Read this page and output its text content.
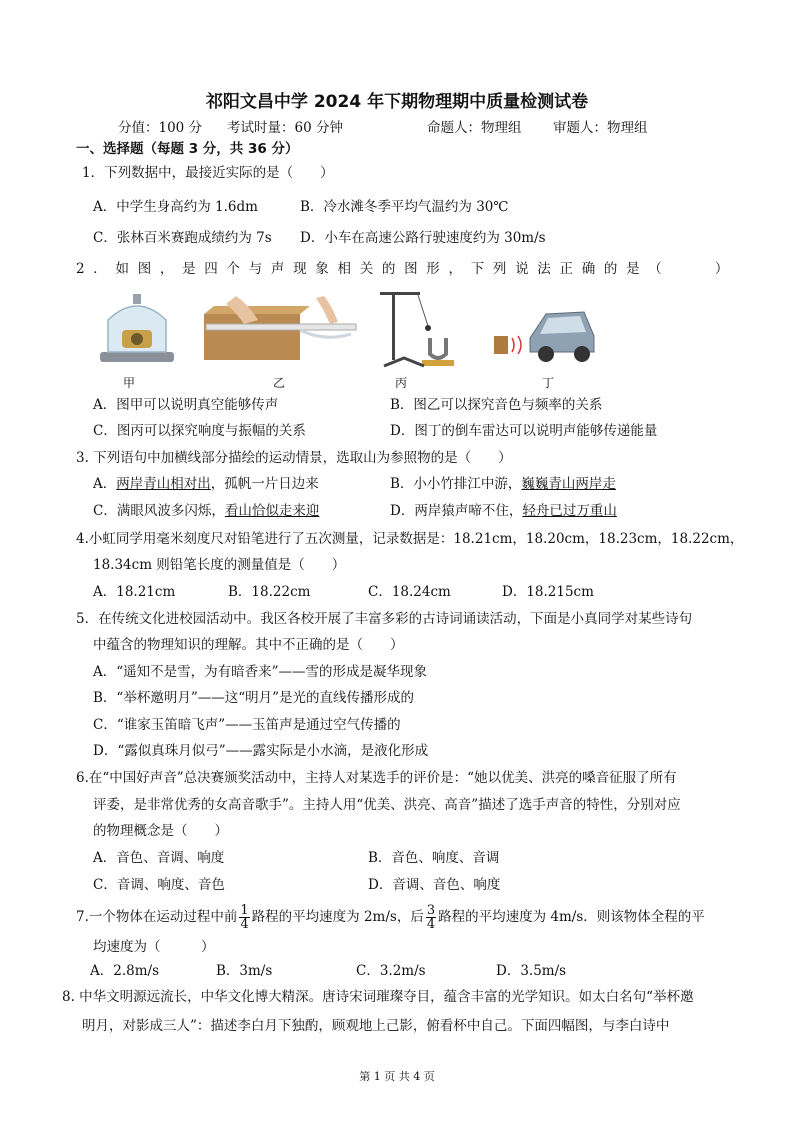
祁阳文昌中学 2024 年下期物理期中质量检测试卷
分值：100 分 考试时量：60 分钟	命题人：物理组 审题人：物理组
一、选择题（每题 3 分，共 36 分）
1．下列数据中，最接近实际的是（　　）
A．中学生身高约为 1.6dm	B．冷水滩冬季平均气温约为 30℃
C．张林百米赛跑成绩约为 7s D．小车在高速公路行驶速度约为 30m/s
2．如图，是四个与声现象相关的图形，下列说法正确的是（　　）
甲	乙	丙	丁
A．图甲可以说明真空能够传声	B．图乙可以探究音色与频率的关系
C．图丙可以探究响度与振幅的关系	D．图丁的倒车雷达可以说明声能够传递能量
3. 下列语句中加横线部分描绘的运动情景，选取山为参照物的是（　　）
A．两岸青山相对出，孤帆一片日边来	B．小小竹排江中游，巍巍青山两岸走
C．满眼风波多闪烁，看山恰似走来迎	D．两岸猿声啼不住，轻舟已过万重山
4.小虹同学用毫米刻度尺对铅笔进行了五次测量，记录数据是：18.21cm，18.20cm，18.23cm，18.22cm，
18.34cm 则铅笔长度的测量值是（　　）
A．18.21cm	B．18.22cm	C．18.24cm	D．18.215cm
5．在传统文化进校园活动中。我区各校开展了丰富多彩的古诗词诵读活动，下面是小真同学对某些诗句
中蕴含的物理知识的理解。其中不正确的是（　　）
A．“遥知不是雪，为有暗香来”——雪的形成是凝华现象
B．“举杯邀明月”——这“明月”是光的直线传播形成的
C．“谁家玉笛暗飞声”——玉笛声是通过空气传播的
D．“露似真珠月似弓”——露实际是小水滴，是液化形成
6.在“中国好声音”总决赛颁奖活动中，主持人对某选手的评价是：“她以优美、洪亮的嗓音征服了所有
评委，是非常优秀的女高音歌手”。主持人用“优美、洪亮、高音”描述了选手声音的特性，分别对应
的物理概念是（　　）
A．音色、音调、响度	B．音色、响度、音调
C．音调、响度、音色	D．音调、音色、响度
7.一个物体在运动过程中前 $\frac{1}{4}$ 路程的平均速度为 2m/s，后 $\frac{3}{4}$ 路程的平均速度为 4m/s．则该物体全程的平
均速度为（　　　）
A．2.8m/s	B．3m/s	C．3.2m/s	D．3.5m/s
8. 中华文明源远流长，中华文化博大精深。唐诗宋词璀璨夺目，蕴含丰富的光学知识。如太白名句“举杯邀
明月，对影成三人”：描述李白月下独酌，顾观地上己影，俯看杯中自己。下面四幅图，与李白诗中
第 1 页 共 4 页
